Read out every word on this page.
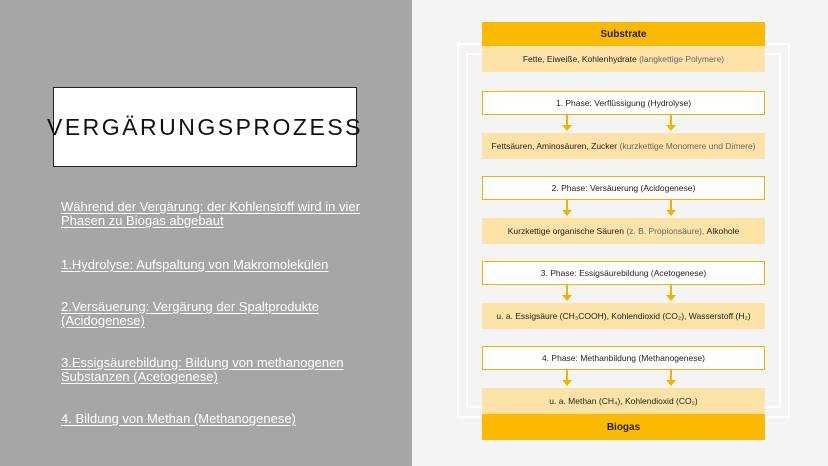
VERGÄRUNGSPROZESS
Während der Vergärung: der Kohlenstoff wird in vier Phasen zu Biogas abgebaut
1.Hydrolyse: Aufspaltung von Makromolekülen
2.Versäuerung: Vergärung der Spaltprodukte (Acidogenese)
3.Essigsäurebildung: Bildung von methanogenen Substanzen (Acetogenese)
4. Bildung von Methan (Methanogenese)
Substrate
Fette, Eiweiße, Kohlenhydrate
(langkettige Polymere)
1. Phase: Verflüssigung (Hydrolyse)
Fettsäuren, Aminosäuren, Zucker
(kurzkettige Monomere und Dimere)
2. Phase: Versäuerung (Acidogenese)
Kurzkettige organische Säuren
(z. B. Propionsäure),
Alkohole
3. Phase: Essigsäurebildung (Acetogenese)
u. a. Essigsäure (CH₃COOH), Kohlendioxid (CO₂), Wasserstoff (H₂)
4. Phase: Methanbildung (Methanogenese)
u. a. Methan (CH₄), Kohlendioxid (CO₂)
Biogas
